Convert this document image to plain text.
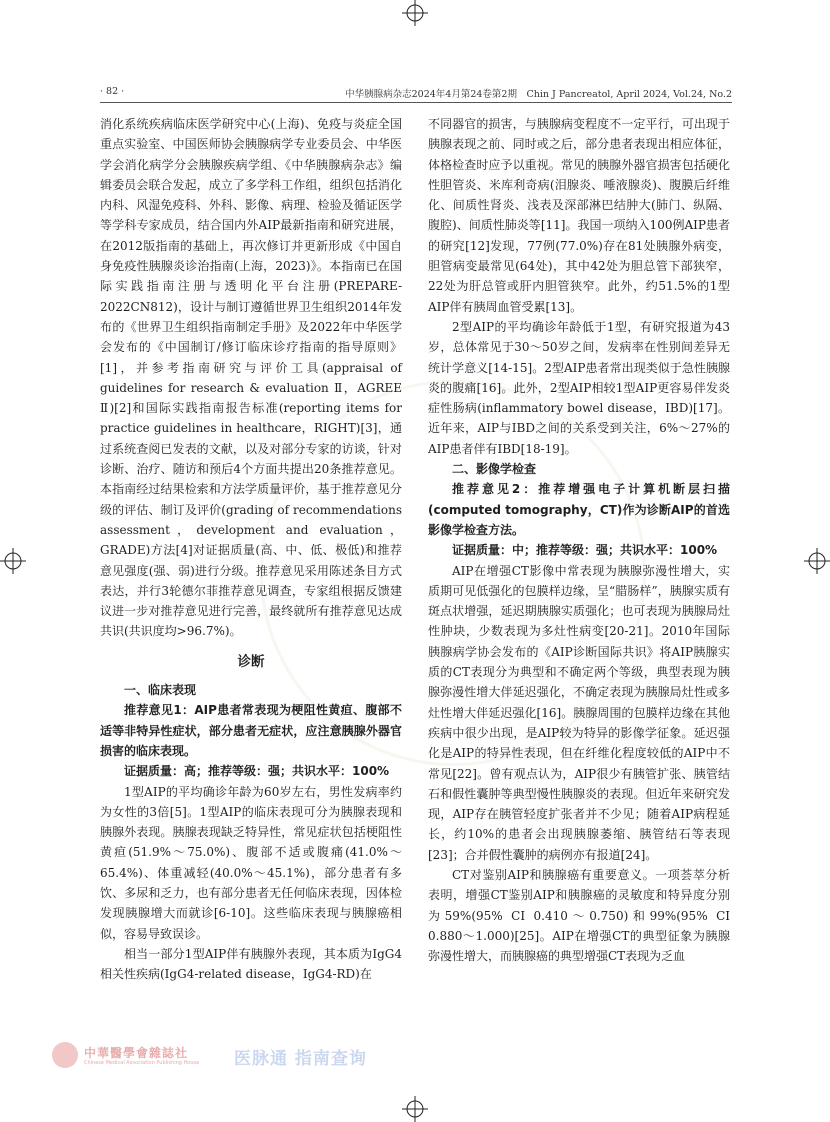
· 82 ·	中华胰腺病杂志2024年4月第24卷第2期　Chin J Pancreatol, April 2024, Vol.24, No.2

消化系统疾病临床医学研究中心(上海)、免疫与炎症全国重点实验室、中国医师协会胰腺病学专业委员会、中华医学会消化病学分会胰腺疾病学组、《中华胰腺病杂志》编辑委员会联合发起，成立了多学科工作组，组织包括消化内科、风湿免疫科、外科、影像、病理、检验及循证医学等学科专家成员，结合国内外AIP最新指南和研究进展，在2012版指南的基础上，再次修订并更新形成《中国自身免疫性胰腺炎诊治指南(上海，2023)》。本指南已在国际实践指南注册与透明化平台注册(PREPARE-2022CN812)，设计与制订遵循世界卫生组织2014年发布的《世界卫生组织指南制定手册》及2022年中华医学会发布的《中国制订/修订临床诊疗指南的指导原则》[1]，并参考指南研究与评价工具(appraisal of guidelines for research & evaluation Ⅱ，AGREE Ⅱ)[2]和国际实践指南报告标准(reporting items for practice guidelines in healthcare，RIGHT)[3]，通过系统查阅已发表的文献，以及对部分专家的访谈，针对诊断、治疗、随访和预后4个方面共提出20条推荐意见。本指南经过结果检索和方法学质量评价，基于推荐意见分级的评估、制订及评价(grading of recommendations assessment，development and evaluation，GRADE)方法[4]对证据质量(高、中、低、极低)和推荐意见强度(强、弱)进行分级。推荐意见采用陈述条目方式表达，并行3轮德尔菲推荐意见调查，专家组根据反馈建议进一步对推荐意见进行完善，最终就所有推荐意见达成共识(共识度均>96.7%)。

诊断
一、临床表现

推荐意见1：AIP患者常表现为梗阻性黄疸、腹部不适等非特异性症状，部分患者无症状，应注意胰腺外器官损害的临床表现。

证据质量：高；推荐等级：强；共识水平：100%

1型AIP的平均确诊年龄为60岁左右，男性发病率约为女性的3倍[5]。1型AIP的临床表现可分为胰腺表现和胰腺外表现。胰腺表现缺乏特异性，常见症状包括梗阻性黄疸(51.9%～75.0%)、腹部不适或腹痛(41.0%～65.4%)、体重减轻(40.0%～45.1%)，部分患者有多饮、多尿和乏力，也有部分患者无任何临床表现，因体检发现胰腺增大而就诊[6-10]。这些临床表现与胰腺癌相似，容易导致误诊。

相当一部分1型AIP伴有胰腺外表现，其本质为IgG4相关性疾病(IgG4-related disease，IgG4-RD)在

不同器官的损害，与胰腺病变程度不一定平行，可出现于胰腺表现之前、同时或之后，部分患者表现出相应体征，体格检查时应予以重视。常见的胰腺外器官损害包括硬化性胆管炎、米库利奇病(泪腺炎、唾液腺炎)、腹膜后纤维化、间质性肾炎、浅表及深部淋巴结肿大(肺门、纵隔、腹腔)、间质性肺炎等[11]。我国一项纳入100例AIP患者的研究[12]发现，77例(77.0%)存在81处胰腺外病变，胆管病变最常见(64处)，其中42处为胆总管下部狭窄，22处为肝总管或肝内胆管狭窄。此外，约51.5%的1型AIP伴有胰周血管受累[13]。

2型AIP的平均确诊年龄低于1型，有研究报道为43岁，总体常见于30～50岁之间，发病率在性别间差异无统计学意义[14-15]。2型AIP患者常出现类似于急性胰腺炎的腹痛[16]。此外，2型AIP相较1型AIP更容易伴发炎症性肠病(inflammatory bowel disease，IBD)[17]。近年来，AIP与IBD之间的关系受到关注，6%～27%的AIP患者伴有IBD[18-19]。

二、影像学检查

推荐意见2：推荐增强电子计算机断层扫描(computed tomography，CT)作为诊断AIP的首选影像学检查方法。

证据质量：中；推荐等级：强；共识水平：100%

AIP在增强CT影像中常表现为胰腺弥漫性增大，实质期可见低强化的包膜样边缘，呈“腊肠样”，胰腺实质有斑点状增强，延迟期胰腺实质强化；也可表现为胰腺局灶性肿块，少数表现为多灶性病变[20-21]。2010年国际胰腺病学协会发布的《AIP诊断国际共识》将AIP胰腺实质的CT表现分为典型和不确定两个等级，典型表现为胰腺弥漫性增大伴延迟强化，不确定表现为胰腺局灶性或多灶性增大伴延迟强化[16]。胰腺周围的包膜样边缘在其他疾病中很少出现，是AIP较为特异的影像学征象。延迟强化是AIP的特异性表现，但在纤维化程度较低的AIP中不常见[22]。曾有观点认为，AIP很少有胰管扩张、胰管结石和假性囊肿等典型慢性胰腺炎的表现。但近年来研究发现，AIP存在胰管轻度扩张者并不少见；随着AIP病程延长，约10%的患者会出现胰腺萎缩、胰管结石等表现[23]；合并假性囊肿的病例亦有报道[24]。

CT对鉴别AIP和胰腺癌有重要意义。一项荟萃分析表明，增强CT鉴别AIP和胰腺癌的灵敏度和特异度分别为59%(95% CI 0.410～0.750)和99%(95% CI 0.880～1.000)[25]。AIP在增强CT的典型征象为胰腺弥漫性增大，而胰腺癌的典型增强CT表现为乏血

中華醫學會雜誌社
Chinese Medical Association Publishing House 医脉通 指南查询
